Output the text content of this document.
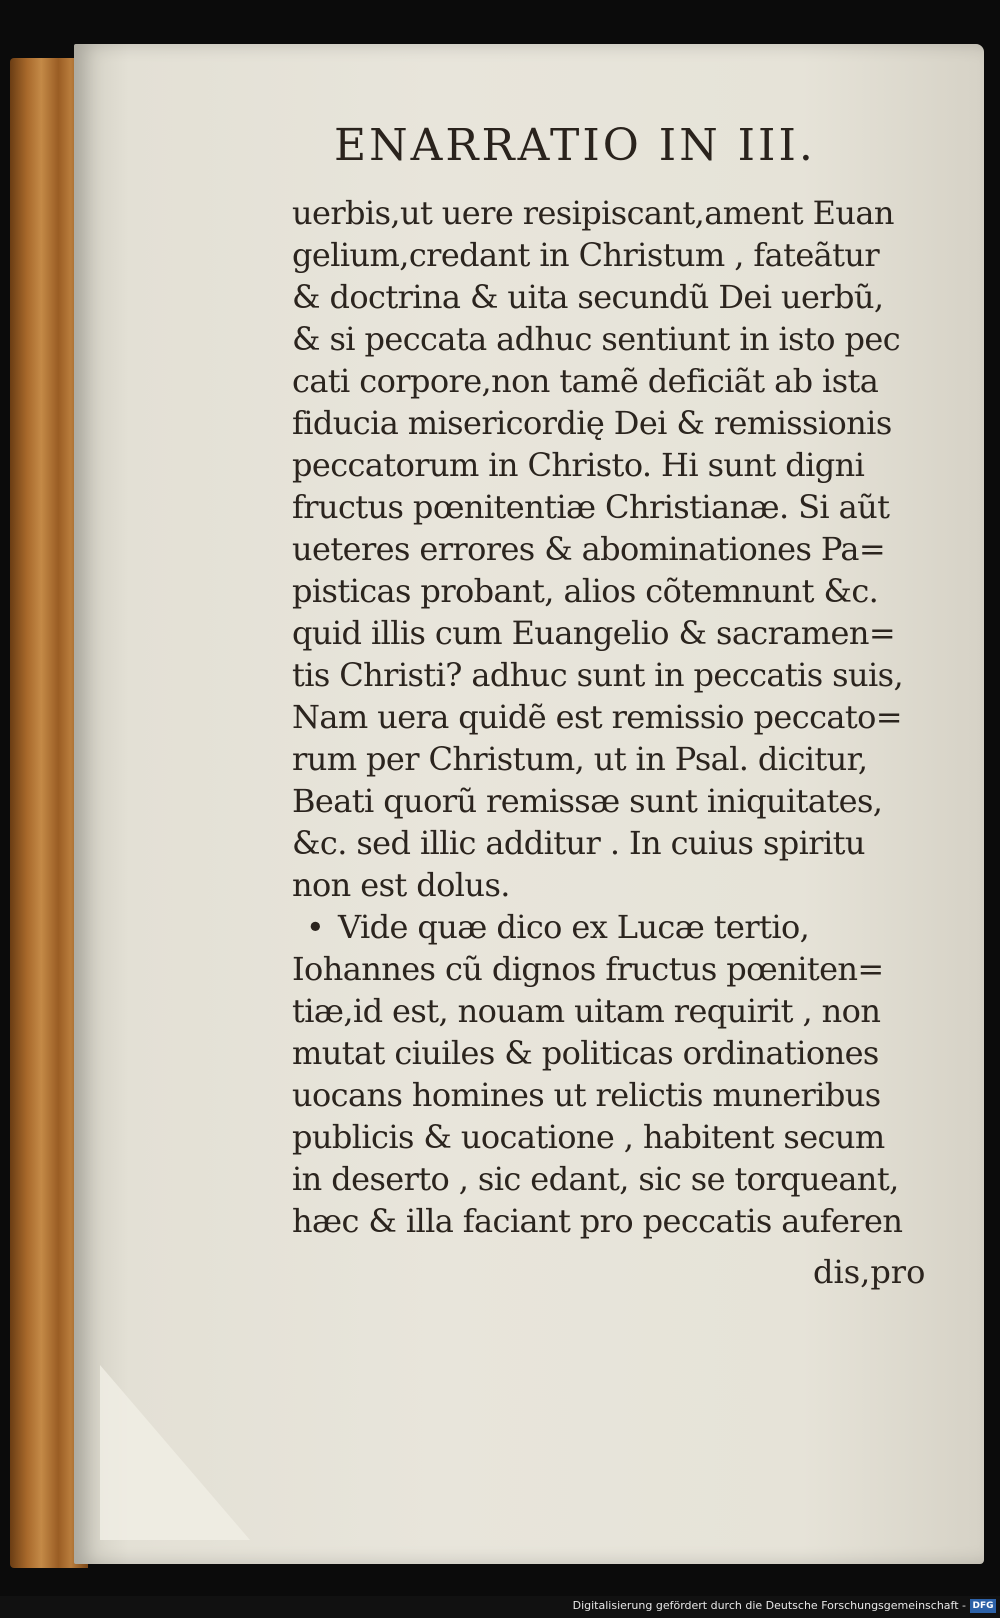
ENARRATIO IN III.
uerbis,ut uere resipiscant,ament Euan
gelium,credant in Christum , fateãtur
& doctrina & uita secundũ Dei uerbũ,
& si peccata adhuc sentiunt in isto pec
cati corpore,non tamẽ deficiãt ab ista
fiducia misericordię Dei & remissionis
peccatorum in Christo. Hi sunt digni
fructus pœnitentiæ Christianæ. Si aũt
ueteres errores & abominationes Pa=
pisticas probant, alios cõtemnunt &c.
quid illis cum Euangelio & sacramen=
tis Christi? adhuc sunt in peccatis suis,
Nam uera quidẽ est remissio peccato=
rum per Christum, ut in Psal. dicitur,
Beati quorũ remissæ sunt iniquitates,
&c. sed illic additur . In cuius spiritu
non est dolus.
• Vide quæ dico ex Lucæ tertio,
Iohannes cũ dignos fructus pœniten=
tiæ,id est, nouam uitam requirit , non
mutat ciuiles & politicas ordinationes
uocans homines ut relictis muneribus
publicis & uocatione , habitent secum
in deserto , sic edant, sic se torqueant,
hæc & illa faciant pro peccatis auferen
dis,pro
Digitalisierung gefördert durch die Deutsche Forschungsgemeinschaft - DFG
